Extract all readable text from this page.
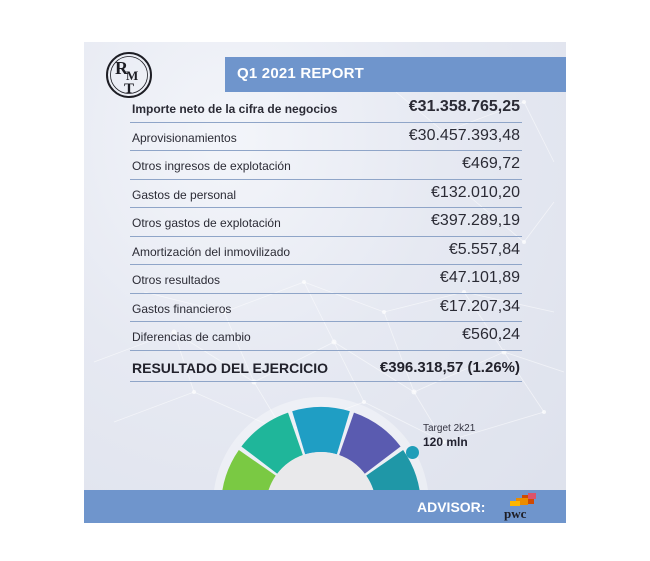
R
M
T
Q1 2021 REPORT
Importe neto de la cifra de negocios	€31.358.765,25
Aprovisionamientos	€30.457.393,48
Otros ingresos de explotación	€469,72
Gastos de personal	€132.010,20
Otros gastos de explotación	€397.289,19
Amortización del inmovilizado	€5.557,84
Otros resultados	€47.101,89
Gastos financieros	€17.207,34
Diferencias de cambio	€560,24
RESULTADO DEL EJERCICIO	€396.318,57 (1.26%)
Target 2k21
120 mln
ADVISOR: pwc
